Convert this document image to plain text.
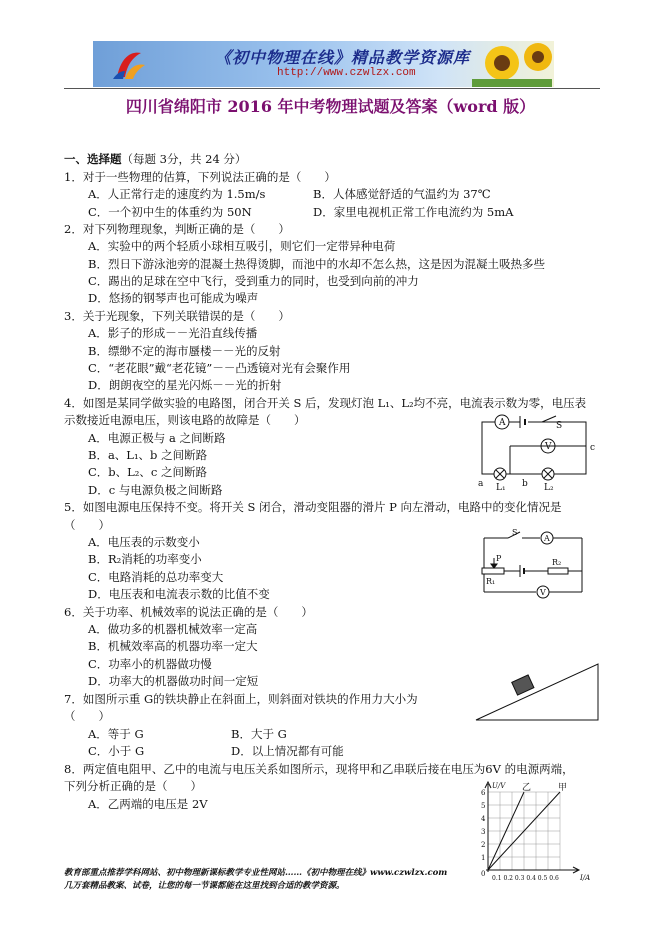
《初中物理在线》精品教学资源库
http://www.czwlzx.com
四川省绵阳市 2016 年中考物理试题及答案（word 版）
一、选择题（每题 3分，共 24 分）
1．对于一些物理的估算，下列说法正确的是（　　）
A．人正常行走的速度约为 1.5m/s	B．人体感觉舒适的气温约为 37℃
C．一个初中生的体重约为 50N	D．家里电视机正常工作电流约为 5mA
2．对下列物理现象，判断正确的是（　　）
A．实验中的两个轻质小球相互吸引，则它们一定带异种电荷
B．烈日下游泳池旁的混凝土热得烫脚，而池中的水却不怎么热，这是因为混凝土吸热多些
C．踢出的足球在空中飞行，受到重力的同时，也受到向前的冲力
D．悠扬的钢琴声也可能成为噪声
3．关于光现象，下列关联错误的是（　　）
A．影子的形成－－光沿直线传播
B．缥缈不定的海市蜃楼－－光的反射
C．“老花眼”戴“老花镜”－－凸透镜对光有会聚作用
D．朗朗夜空的星光闪烁－－光的折射
4．如图是某同学做实验的电路图，闭合开关 S 后，发现灯泡 L₁、L₂均不亮，电流表示数为零，电压表
示数接近电源电压，则该电路的故障是（　　）
A．电源正极与 a 之间断路
B．a、L₁、b 之间断路
C．b、L₂、c 之间断路
D．c 与电源负极之间断路
S
a	b
c
L₁	L₂
A
V
5．如图电源电压保持不变。将开关 S 闭合，滑动变阻器的滑片 P 向左滑动，电路中的变化情况是
（　　）
A．电压表的示数变小
B．R₂消耗的功率变小
C．电路消耗的总功率变大
D．电压表和电流表示数的比值不变
S
P
R₁
R₂
A
V
6．关于功率、机械效率的说法正确的是（　　）
A．做功多的机器机械效率一定高
B．机械效率高的机器功率一定大
C．功率小的机器做功慢
D．功率大的机器做功时间一定短
7．如图所示重 G的铁块静止在斜面上，则斜面对铁块的作用力大小为
（　　）
A．等于 G	B．大于 G
C．小于 G	D．以上情况都有可能
8．两定值电阻甲、乙中的电流与电压关系如图所示，现将甲和乙串联后接在电压为6V 的电源两端，
下列分析正确的是（　　）
A．乙两端的电压是 2V
U/V
I/A
乙	甲
6
5
4
3
2
1
0
0.1 0.2 0.3 0.4 0.5 0.6
教育部重点推荐学科网站、初中物理新课标教学专业性网站……《初中物理在线》www.czwlzx.com
几万套精品教案、试卷，让您的每一节课都能在这里找到合适的教学资源。
